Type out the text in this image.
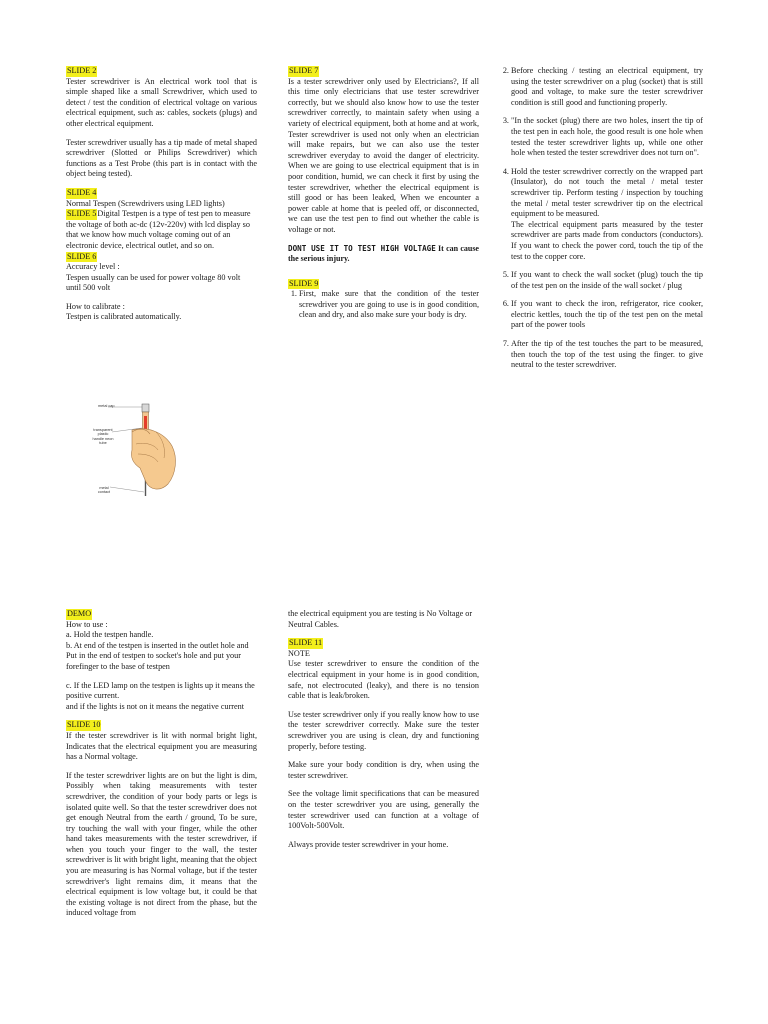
SLIDE 2

Tester screwdriver is An electrical work tool that is simple shaped like a small Screwdriver, which used to detect / test the condition of electrical voltage on various electrical equipment, such as: cables, sockets (plugs) and other electrical equipment.

Tester screwdriver usually has a tip made of metal shaped screwdriver (Slotted or Philips Screwdriver) which functions as a Test Probe (this part is in contact with the object being tested).

SLIDE 4
Normal Tespen (Screwdrivers using LED lights)

SLIDE 5Digital Testpen is a type of test pen to measure the voltage of both ac-dc (12v-220v) with lcd display so that we know how much voltage coming out of an electronic device, electrical outlet, and so on.

SLIDE 6
Accuracy level :

Tespen usually can be used for power voltage 80 volt until 500 volt

How to calibrate :
Testpen is calibrated automatically.
metal cap
transparent plastic handle neon tube
metal contact
SLIDE 7

Is a tester screwdriver only used by Electricians?, If all this time only electricians that use tester screwdriver correctly, but we should also know how to use the tester screwdriver correctly, to maintain safety when using a variety of electrical equipment, both at home and at work, Tester screwdriver is used not only when an electrician will make repairs, but we can also use the tester screwdriver everyday to avoid the danger of electricity. When we are going to use electrical equipment that is in poor condition, humid, we can check it first by using the tester screwdriver, whether the electrical equipment is still good or has been leaked, When we encounter a power cable at home that is peeled off, or disconnected, we can use the test pen to find out whether the cable is voltage or not.

DONT USE IT TO TEST HIGH VOLTAGE It can cause the serious injury.

SLIDE 9
1. First, make sure that the condition of the tester screwdriver you are going to use is in good condition, clean and dry, and also make sure your body is dry.
2. Before checking / testing an electrical equipment, try using the tester screwdriver on a plug (socket) that is still good and voltage, to make sure the tester screwdriver condition is still good and functioning properly.
3. "In the socket (plug) there are two holes, insert the tip of the test pen in each hole, the good result is one hole when tested the tester screwdriver lights up, while one other hole when tested the tester screwdriver does not turn on".
4. Hold the tester screwdriver correctly on the wrapped part (Insulator), do not touch the metal / metal tester screwdriver tip. Perform testing / inspection by touching the metal / metal tester screwdriver tip on the electrical equipment to be measured.
The electrical equipment parts measured by the tester screwdriver are parts made from conductors (conductors). If you want to check the power cord, touch the tip of the test to the copper core.
5. If you want to check the wall socket (plug) touch the tip of the test pen on the inside of the wall socket / plug
6. If you want to check the iron, refrigerator, rice cooker, electric kettles, touch the tip of the test pen on the metal part of the power tools
7. After the tip of the test touches the part to be measured, then touch the top of the test using the finger. to give neutral to the tester screwdriver.
DEMO
How to use :
a. Hold the testpen handle.

b. At end of the testpen is inserted in the outlet hole and Put in the end of testpen to socket's hole and put your forefinger to the base of testpen

c. If the LED lamp on the testpen is lights up it means the positive current.

and if the lights is not on it means the negative current

SLIDE 10

If the tester screwdriver is lit with normal bright light, Indicates that the electrical equipment you are measuring has a Normal voltage.

If the tester screwdriver lights are on but the light is dim, Possibly when taking measurements with tester screwdriver, the condition of your body parts or legs is isolated quite well. So that the tester screwdriver does not get enough Neutral from the earth / ground, To be sure, try touching the wall with your finger, while the other hand takes measurements with the tester screwdriver, if when you touch your finger to the wall, the tester screwdriver is lit with bright light, meaning that the object you are measuring is has Normal voltage, but if the tester screwdriver's light remains dim, it means that the electrical equipment is low voltage but, it could be that the existing voltage is not direct from the phase, but the induced voltage from

the electrical equipment you are testing is No Voltage or Neutral Cables.

SLIDE 11
NOTE

Use tester screwdriver to ensure the condition of the electrical equipment in your home is in good condition, safe, not electrocuted (leaky), and there is no tension cable that is leak/broken.

Use tester screwdriver only if you really know how to use the tester screwdriver correctly. Make sure the tester screwdriver you are using is clean, dry and functioning properly, before testing.

Make sure your body condition is dry, when using the tester screwdriver.

See the voltage limit specifications that can be measured on the tester screwdriver you are using, generally the tester screwdriver used can function at a voltage of 100Volt-500Volt.

Always provide tester screwdriver in your home.
